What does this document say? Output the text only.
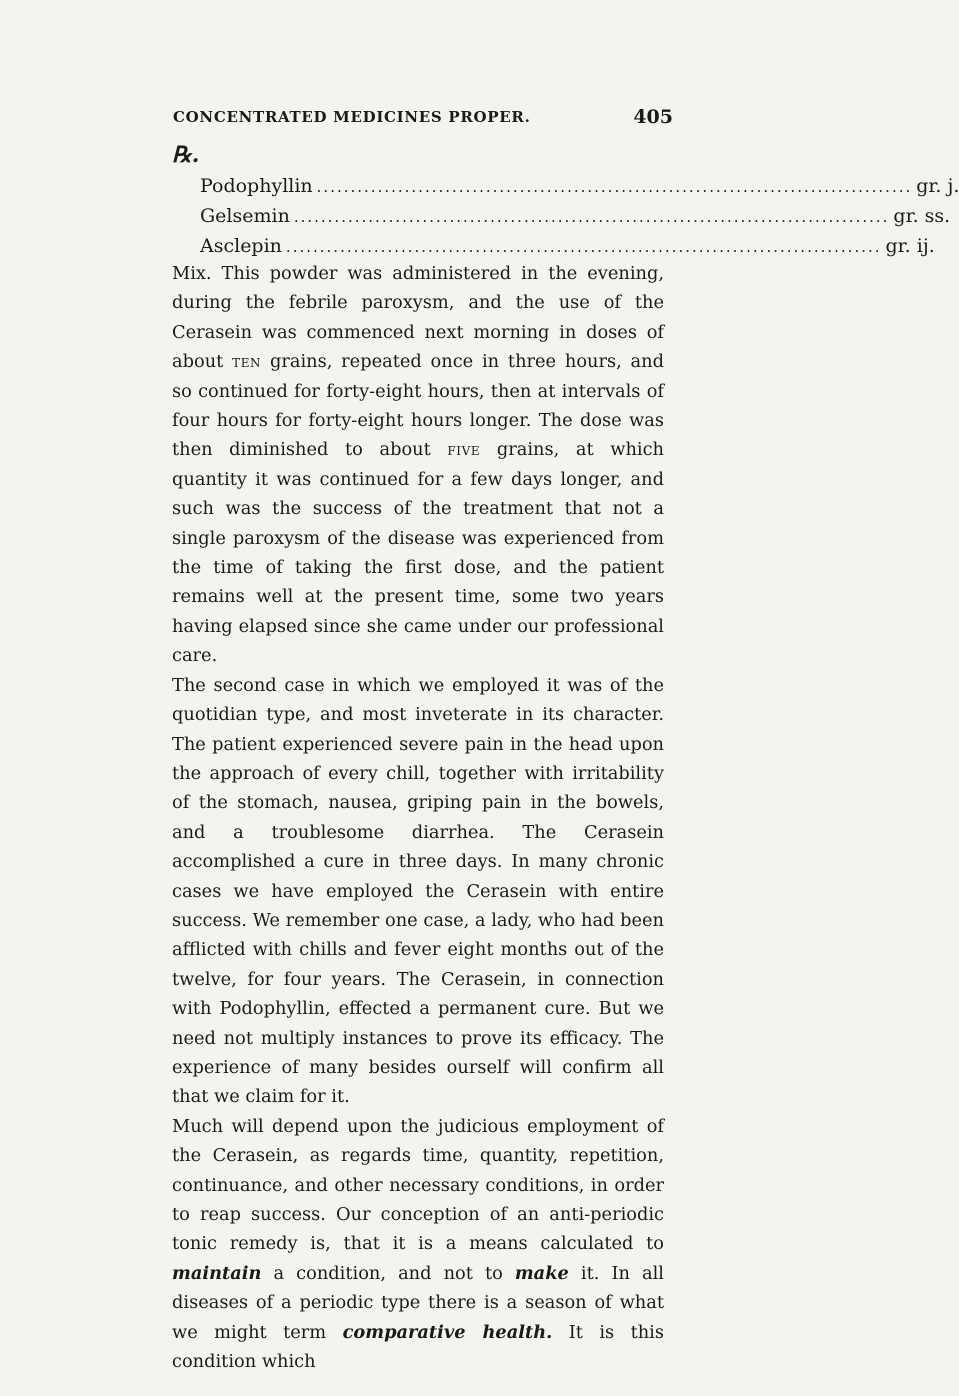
CONCENTRATED MEDICINES PROPER.	405
℞.
Podophyllin ........................................................................................ gr. j.
Gelsemin ........................................................................................ gr. ss.
Asclepin ........................................................................................ gr. ij.

Mix. This powder was administered in the evening, during the febrile paroxysm, and the use of the Cerasein was commenced next morning in doses of about ten grains, repeated once in three hours, and so continued for forty-eight hours, then at intervals of four hours for forty-eight hours longer. The dose was then diminished to about five grains, at which quantity it was continued for a few days longer, and such was the success of the treatment that not a single paroxysm of the disease was experienced from the time of taking the first dose, and the patient remains well at the present time, some two years having elapsed since she came under our professional care.

The second case in which we employed it was of the quotidian type, and most inveterate in its character. The patient experienced severe pain in the head upon the approach of every chill, together with irritability of the stomach, nausea, griping pain in the bowels, and a troublesome diarrhea. The Cerasein accomplished a cure in three days. In many chronic cases we have employed the Cerasein with entire success. We remember one case, a lady, who had been afflicted with chills and fever eight months out of the twelve, for four years. The Cerasein, in connection with Podophyllin, effected a permanent cure. But we need not multiply instances to prove its efficacy. The experience of many besides ourself will confirm all that we claim for it.

Much will depend upon the judicious employment of the Cerasein, as regards time, quantity, repetition, continuance, and other necessary conditions, in order to reap success. Our conception of an anti-periodic tonic remedy is, that it is a means calculated to maintain a condition, and not to make it. In all diseases of a periodic type there is a season of what we might term comparative health. It is this condition which
